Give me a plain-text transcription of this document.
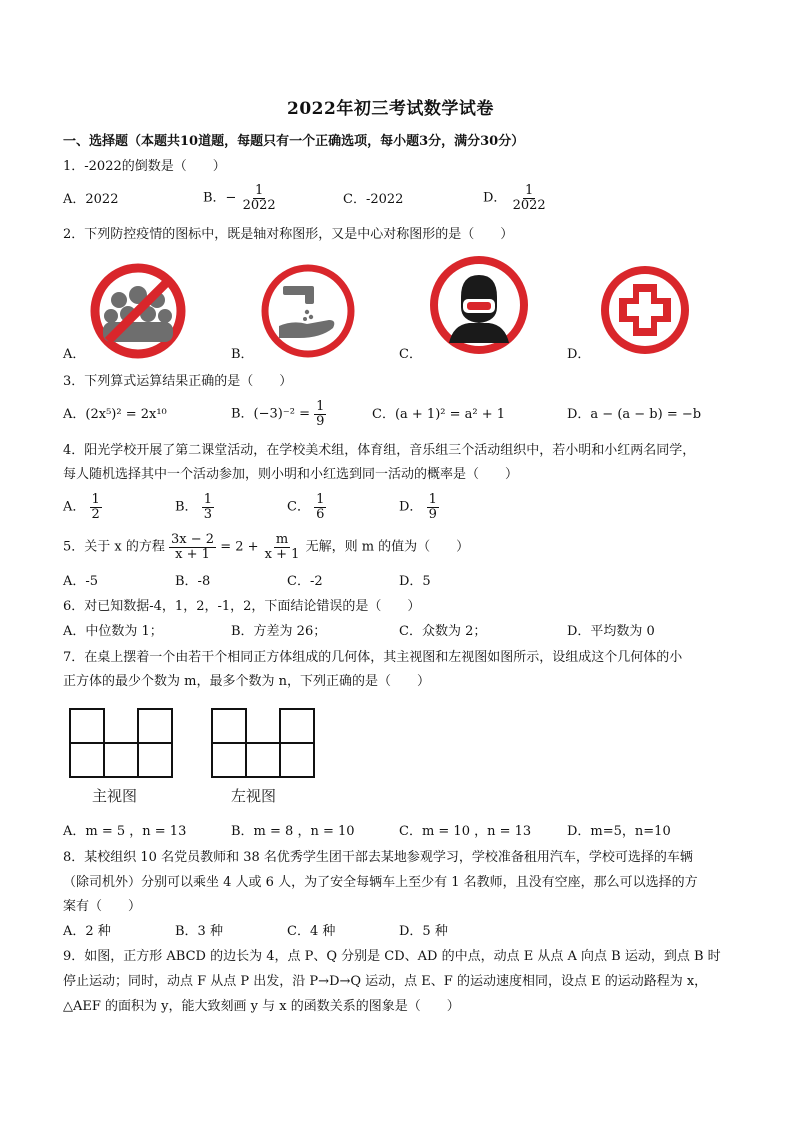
2022年初三考试数学试卷
一、选择题（本题共10道题，每题只有一个正确选项，每小题3分，满分30分）
1．-2022的倒数是（　　）
A．2022	B．− $\frac{1}{2022}$	C．-2022	D． $\frac{1}{2022}$
2．下列防控疫情的图标中，既是轴对称图形，又是中心对称图形的是（　　）
A．	B．	C．	D．
3．下列算式运算结果正确的是（　　）
A．(2x⁵)² = 2x¹⁰	B．$(-3)^{-2} = \frac{1}{9}$	C．(a + 1)² = a² + 1	D．a − (a − b) = −b
4．阳光学校开展了第二课堂活动，在学校美术组，体育组，音乐组三个活动组织中，若小明和小红两名同学，
每人随机选择其中一个活动参加，则小明和小红选到同一活动的概率是（　　）
A． $\frac{1}{2}$	B． $\frac{1}{3}$	C． $\frac{1}{6}$	D． $\frac{1}{9}$
5．关于 x 的方程 $\frac{3x - 2}{x + 1} = 2 + \frac{m}{x + 1}$ 无解，则 m 的值为（　　）
A．-5	B．-8	C．-2	D．5
6．对已知数据-4，1，2，-1，2，下面结论错误的是（　　）
A．中位数为 1；	B．方差为 26；	C．众数为 2；	D．平均数为 0
7．在桌上摆着一个由若干个相同正方体组成的几何体，其主视图和左视图如图所示，设组成这个几何体的小
正方体的最少个数为 m，最多个数为 n，下列正确的是（　　）
主视图	左视图
A．m = 5 ，n = 13	B．m = 8 ，n = 10	C．m = 10 ，n = 13	D．m=5，n=10
8．某校组织 10 名党员教师和 38 名优秀学生团干部去某地参观学习，学校准备租用汽车，学校可选择的车辆
（除司机外）分别可以乘坐 4 人或 6 人，为了安全每辆车上至少有 1 名教师，且没有空座，那么可以选择的方
案有（　　）
A．2 种	B．3 种	C．4 种	D．5 种
9．如图，正方形 ABCD 的边长为 4，点 P、Q 分别是 CD、AD 的中点，动点 E 从点 A 向点 B 运动，到点 B 时
停止运动；同时，动点 F 从点 P 出发，沿 P→D→Q 运动，点 E、F 的运动速度相同，设点 E 的运动路程为 x，
△AEF 的面积为 y，能大致刻画 y 与 x 的函数关系的图象是（　　）
